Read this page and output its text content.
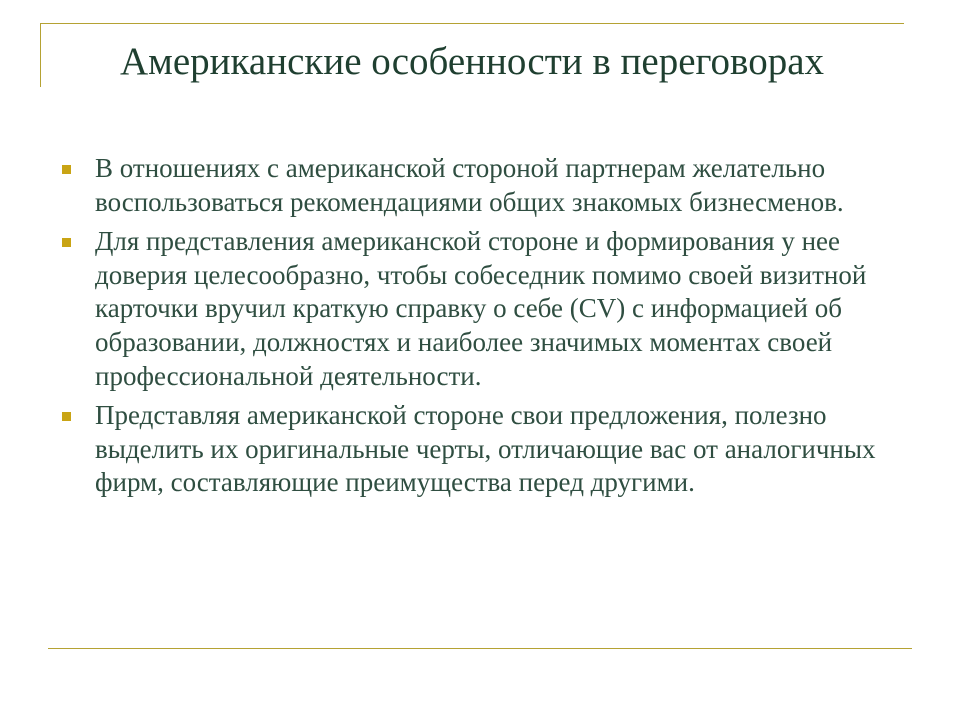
Американские особенности в переговорах
В отношениях с американской стороной партнерам желательно воспользоваться рекомендациями общих знакомых бизнесменов.
Для представления американской стороне и формирования у нее доверия целесообразно, чтобы собеседник помимо своей визитной карточки вручил краткую справку о себе (CV) с информацией об образовании, должностях и наиболее значимых моментах своей профессиональной деятельности.
Представляя американской стороне свои предложения, полезно выделить их оригинальные черты, отличающие вас от аналогичных фирм, составляющие преимущества перед другими.
